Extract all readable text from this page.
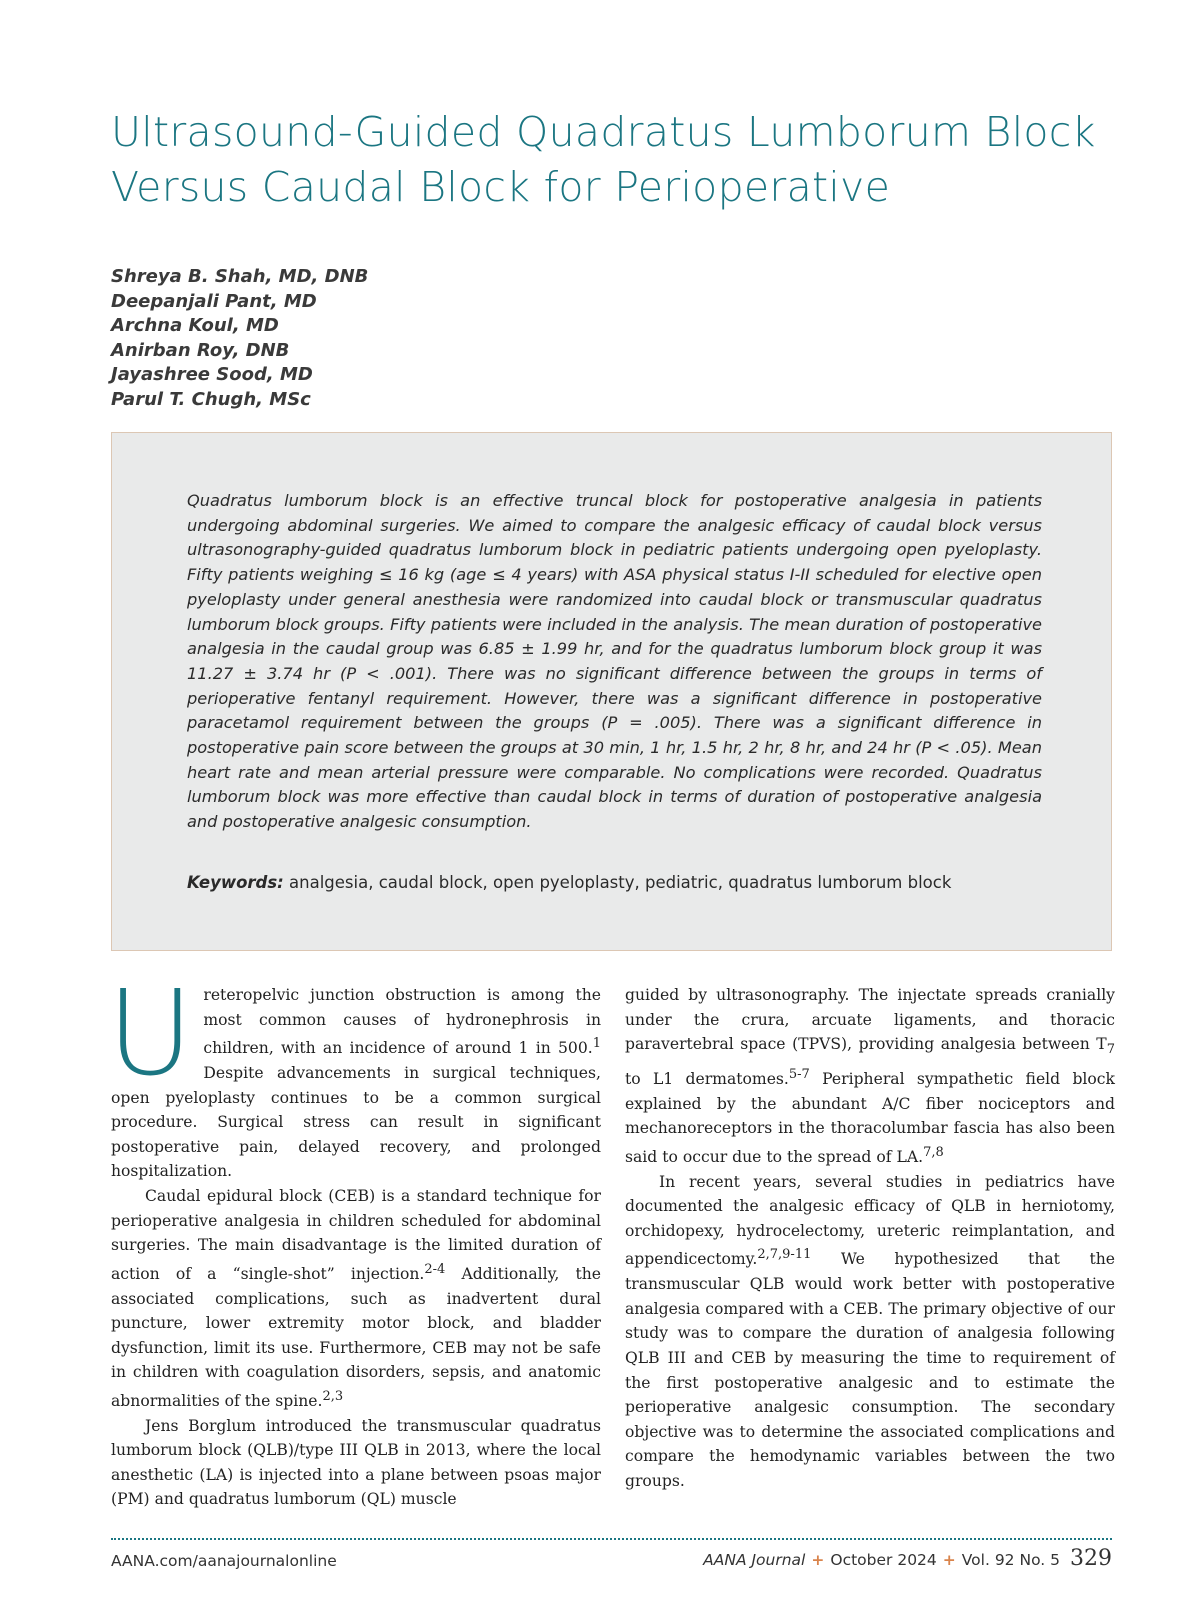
Ultrasound-Guided Quadratus Lumborum Block Versus Caudal Block for Perioperative
Shreya B. Shah, MD, DNB
Deepanjali Pant, MD
Archna Koul, MD
Anirban Roy, DNB
Jayashree Sood, MD
Parul T. Chugh, MSc

Quadratus lumborum block is an effective truncal block for postoperative analgesia in patients undergoing abdominal surgeries. We aimed to compare the analgesic efficacy of caudal block versus ultrasonography-guided quadratus lumborum block in pediatric patients undergoing open pyeloplasty. Fifty patients weighing ≤ 16 kg (age ≤ 4 years) with ASA physical status I-II scheduled for elective open pyeloplasty under general anesthesia were randomized into caudal block or transmuscular quadratus lumborum block groups. Fifty patients were included in the analysis. The mean duration of postoperative analgesia in the caudal group was 6.85 ± 1.99 hr, and for the quadratus lumborum block group it was 11.27 ± 3.74 hr (P < .001). There was no significant difference between the groups in terms of perioperative fentanyl requirement. However, there was a significant difference in postoperative paracetamol requirement between the groups (P = .005). There was a significant difference in postoperative pain score between the groups at 30 min, 1 hr, 1.5 hr, 2 hr, 8 hr, and 24 hr (P < .05). Mean heart rate and mean arterial pressure were comparable. No complications were recorded. Quadratus lumborum block was more effective than caudal block in terms of duration of postoperative analgesia and postoperative analgesic consumption.

Keywords: analgesia, caudal block, open pyeloplasty, pediatric, quadratus lumborum block

Ureteropelvic junction obstruction is among the most common causes of hydronephrosis in children, with an incidence of around 1 in 500.$^1$ Despite advancements in surgical techniques, open pyeloplasty continues to be a common surgical procedure. Surgical stress can result in significant postoperative pain, delayed recovery, and prolonged hospitalization.

Caudal epidural block (CEB) is a standard technique for perioperative analgesia in children scheduled for abdominal surgeries. The main disadvantage is the limited duration of action of a “single-shot” injection.$^{2-4}$ Additionally, the associated complications, such as inadvertent dural puncture, lower extremity motor block, and bladder dysfunction, limit its use. Furthermore, CEB may not be safe in children with coagulation disorders, sepsis, and anatomic abnormalities of the spine.$^{2,3}$

Jens Borglum introduced the transmuscular quadratus lumborum block (QLB)/type III QLB in 2013, where the local anesthetic (LA) is injected into a plane between psoas major (PM) and quadratus lumborum (QL) muscle

guided by ultrasonography. The injectate spreads cranially under the crura, arcuate ligaments, and thoracic paravertebral space (TPVS), providing analgesia between $T_7$ to L1 dermatomes.$^{5-7}$ Peripheral sympathetic field block explained by the abundant A/C fiber nociceptors and mechanoreceptors in the thoracolumbar fascia has also been said to occur due to the spread of LA.$^{7,8}$

In recent years, several studies in pediatrics have documented the analgesic efficacy of QLB in herniotomy, orchidopexy, hydrocelectomy, ureteric reimplantation, and appendicectomy.$^{2,7,9-11}$ We hypothesized that the transmuscular QLB would work better with postoperative analgesia compared with a CEB. The primary objective of our study was to compare the duration of analgesia following QLB III and CEB by measuring the time to requirement of the first postoperative analgesic and to estimate the perioperative analgesic consumption. The secondary objective was to determine the associated complications and compare the hemodynamic variables between the two groups.

AANA.com/aanajournalonline	AANA Journal + October 2024 + Vol. 92 No. 5 329
